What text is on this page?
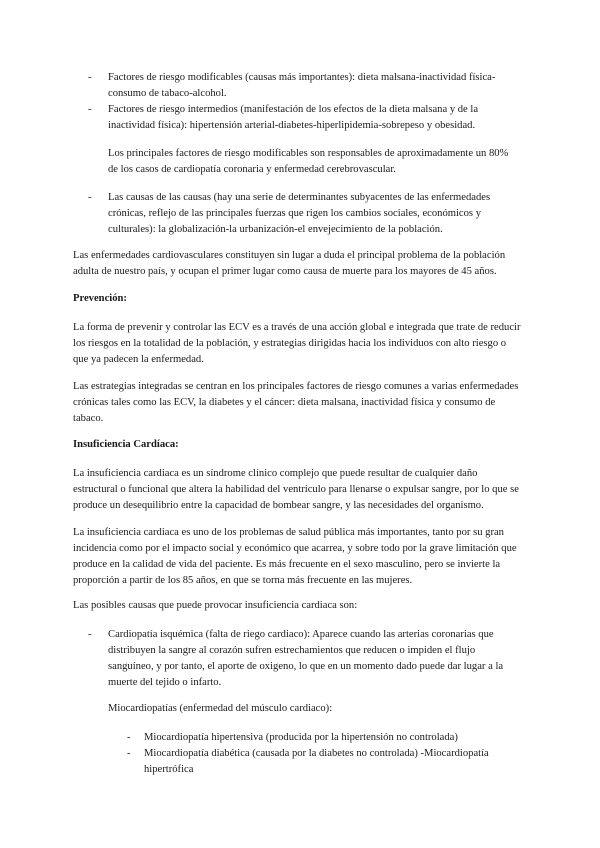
- Factores de riesgo modificables (causas más importantes): dieta malsana-inactividad física-consumo de tabaco-alcohol.

- Factores de riesgo intermedios (manifestación de los efectos de la dieta malsana y de la inactividad física): hipertensión arterial-diabetes-hiperlipidemia-sobrepeso y obesidad.

Los principales factores de riesgo modificables son responsables de aproximadamente un 80% de los casos de cardiopatía coronaria y enfermedad cerebrovascular.

- Las causas de las causas (hay una serie de determinantes subyacentes de las enfermedades crónicas, reflejo de las principales fuerzas que rigen los cambios sociales, económicos y culturales): la globalización-la urbanización-el envejecimiento de la población.

Las enfermedades cardiovasculares constituyen sin lugar a duda el principal problema de la población adulta de nuestro país, y ocupan el primer lugar como causa de muerte para los mayores de 45 años.

Prevención:

La forma de prevenir y controlar las ECV es a través de una acción global e integrada que trate de reducir los riesgos en la totalidad de la población, y estrategias dirigidas hacia los individuos con alto riesgo o que ya padecen la enfermedad.

Las estrategias integradas se centran en los principales factores de riesgo comunes a varias enfermedades crónicas tales como las ECV, la diabetes y el cáncer: dieta malsana, inactividad física y consumo de tabaco.

Insuficiencia Cardíaca:

La insuficiencia cardiaca es un síndrome clínico complejo que puede resultar de cualquier daño estructural o funcional que altera la habilidad del ventrículo para llenarse o expulsar sangre, por lo que se produce un desequilibrio entre la capacidad de bombear sangre, y las necesidades del organismo.

La insuficiencia cardiaca es uno de los problemas de salud pública más importantes, tanto por su gran incidencia como por el impacto social y económico que acarrea, y sobre todo por la grave limitación que produce en la calidad de vida del paciente. Es más frecuente en el sexo masculino, pero se invierte la proporción a partir de los 85 años, en que se torna más frecuente en las mujeres.

Las posibles causas que puede provocar insuficiencia cardiaca son:

- Cardiopatía isquémica (falta de riego cardiaco): Aparece cuando las arterias coronarias que distribuyen la sangre al corazón sufren estrechamientos que reducen o impiden el flujo sanguíneo, y por tanto, el aporte de oxigeno, lo que en un momento dado puede dar lugar a la muerte del tejido o infarto.

Miocardiopatías (enfermedad del músculo cardiaco):

- Miocardiopatía hipertensiva (producida por la hipertensión no controlada)

- Miocardiopatía diabética (causada por la diabetes no controlada) -Miocardiopatía hipertrófica
